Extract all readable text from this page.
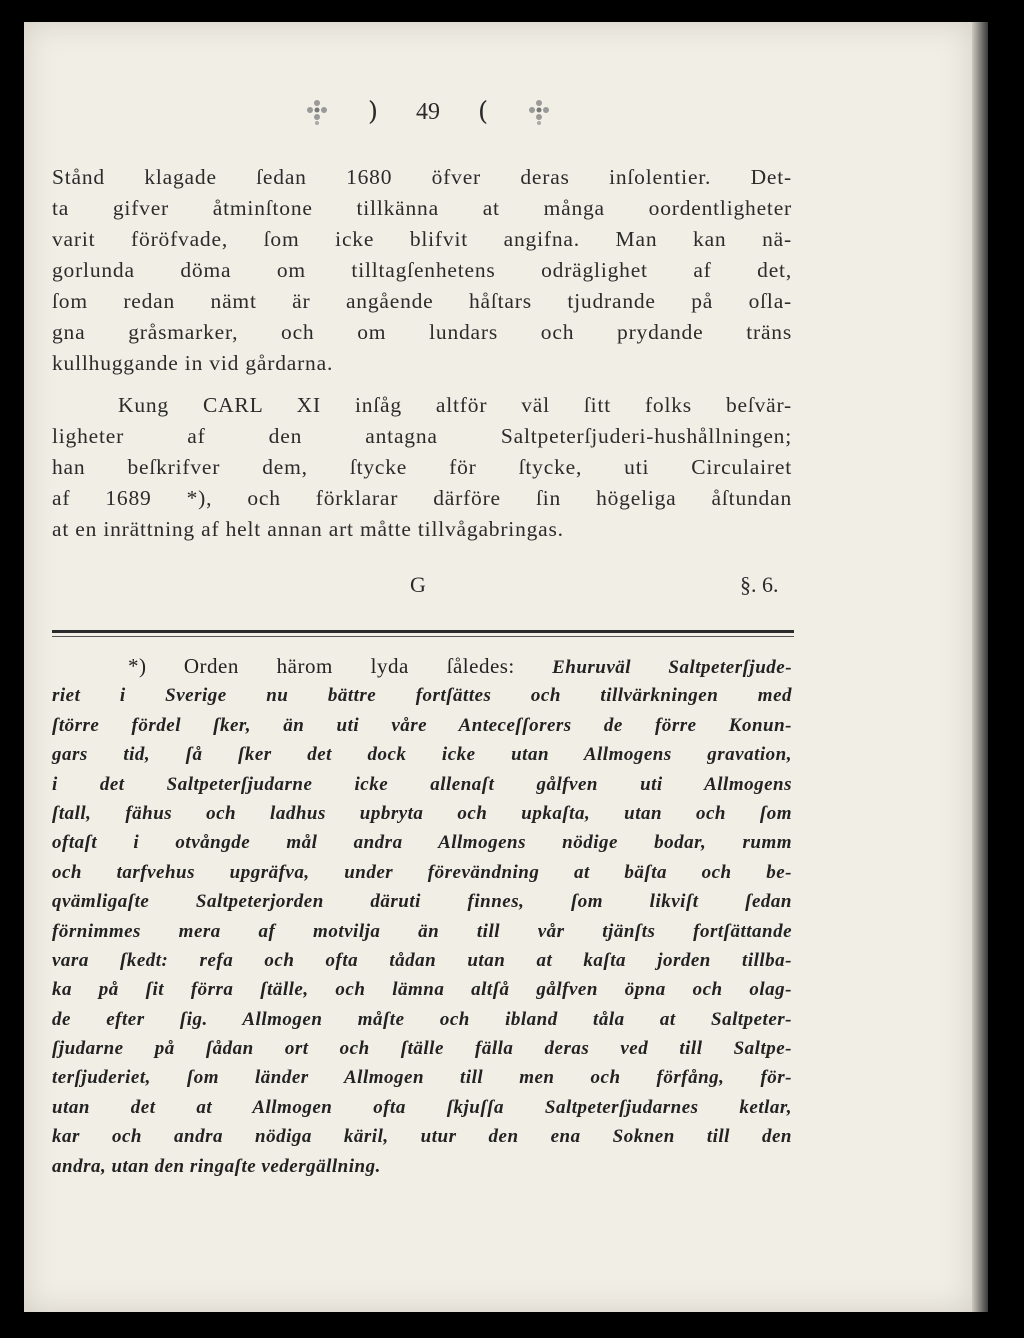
) 49 (
Stånd klagade ſedan 1680 öfver deras inſolentier. Det-
ta gifver åtminſtone tillkänna at många oordentligheter
varit föröfvade, ſom icke blifvit angifna. Man kan nä-
gorlunda döma om tilltagſenhetens odräglighet af det,
ſom redan nämt är angående håſtars tjudrande på oſla-
gna gråsmarker, och om lundars och prydande träns
kullhuggande in vid gårdarna.
Kung CARL XI inſåg altför väl ſitt folks beſvär-
ligheter af den antagna Saltpeterſjuderi-hushållningen;
han beſkrifver dem, ſtycke för ſtycke, uti Circulairet
af 1689 *), och förklarar därföre ſin högeliga åſtundan
at en inrättning af helt annan art måtte tillvågabringas.
G	§. 6.
*) Orden härom lyda ſåledes: Ehuruväl Saltpeterſjude-
riet i Sverige nu bättre fortſättes och tillvärkningen med
ſtörre fördel ſker, än uti våre Anteceſſorers de förre Konun-
gars tid, ſå ſker det dock icke utan Allmogens gravation,
i det Saltpeterſjudarne icke allenaſt gålfven uti Allmogens
ſtall, fähus och ladhus upbryta och upkaſta, utan och ſom
oftaſt i otvångde mål andra Allmogens nödige bodar, rumm
och tarfvehus upgräfva, under förevändning at bäſta och be-
qvämligaſte Saltpeterjorden däruti finnes, ſom likviſt ſedan
förnimmes mera af motvilja än till vår tjänſts fortſättande
vara ſkedt: refa och ofta tådan utan at kaſta jorden tillba-
ka på ſit förra ſtälle, och lämna altſå gålfven öpna och olag-
de efter ſig. Allmogen måſte och ibland tåla at Saltpeter-
ſjudarne på ſådan ort och ſtälle fälla deras ved till Saltpe-
terſjuderiet, ſom länder Allmogen till men och förfång, för-
utan det at Allmogen ofta ſkjuſſa Saltpeterſjudarnes ketlar,
kar och andra nödiga käril, utur den ena Soknen till den
andra, utan den ringaſte vedergällning.
